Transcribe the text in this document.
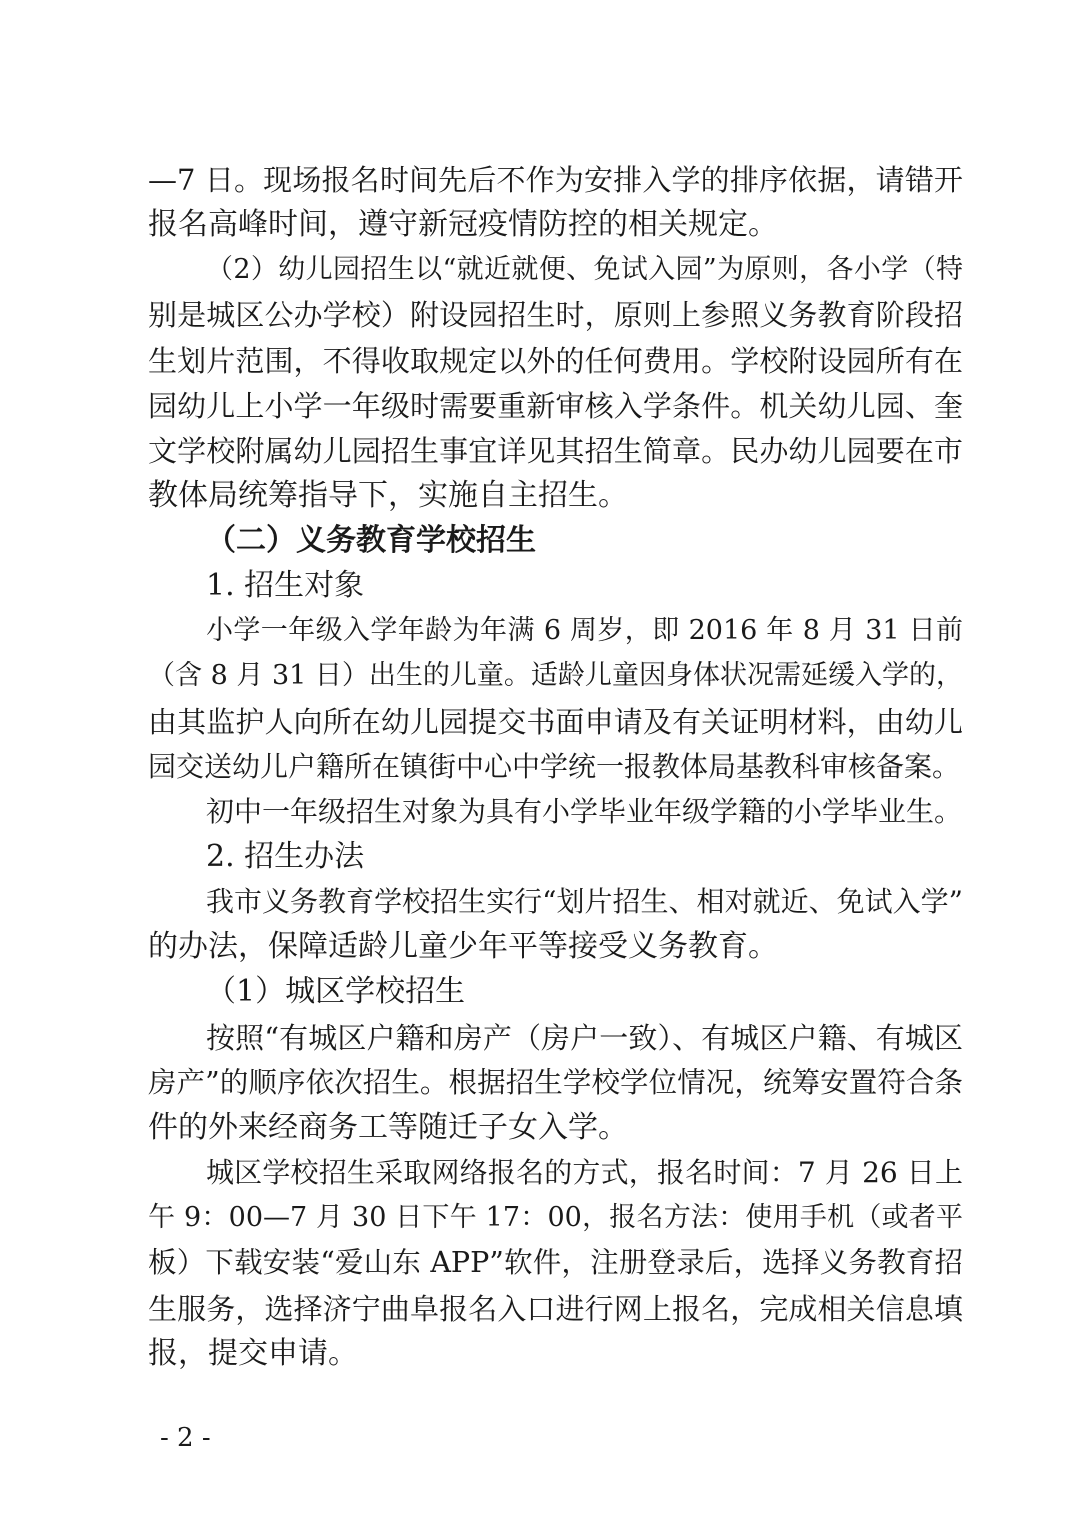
—7 日。现场报名时间先后不作为安排入学的排序依据，请错开
报名高峰时间，遵守新冠疫情防控的相关规定。
（2）幼儿园招生以“就近就便、免试入园”为原则，各小学（特
别是城区公办学校）附设园招生时，原则上参照义务教育阶段招
生划片范围，不得收取规定以外的任何费用。学校附设园所有在
园幼儿上小学一年级时需要重新审核入学条件。机关幼儿园、奎
文学校附属幼儿园招生事宜详见其招生简章。民办幼儿园要在市
教体局统筹指导下，实施自主招生。
（二）义务教育学校招生
1. 招生对象
小学一年级入学年龄为年满 6 周岁，即 2016 年 8 月 31 日前
（含 8 月 31 日）出生的儿童。适龄儿童因身体状况需延缓入学的，
由其监护人向所在幼儿园提交书面申请及有关证明材料，由幼儿
园交送幼儿户籍所在镇街中心中学统一报教体局基教科审核备案。
初中一年级招生对象为具有小学毕业年级学籍的小学毕业生。
2. 招生办法
我市义务教育学校招生实行“划片招生、相对就近、免试入学”
的办法，保障适龄儿童少年平等接受义务教育。
（1）城区学校招生
按照“有城区户籍和房产（房户一致）、有城区户籍、有城区
房产”的顺序依次招生。根据招生学校学位情况，统筹安置符合条
件的外来经商务工等随迁子女入学。
城区学校招生采取网络报名的方式，报名时间：7 月 26 日上
午 9：00—7 月 30 日下午 17：00，报名方法：使用手机（或者平
板）下载安装“爱山东 APP”软件，注册登录后，选择义务教育招
生服务，选择济宁曲阜报名入口进行网上报名，完成相关信息填
报，提交申请。
- 2 -
